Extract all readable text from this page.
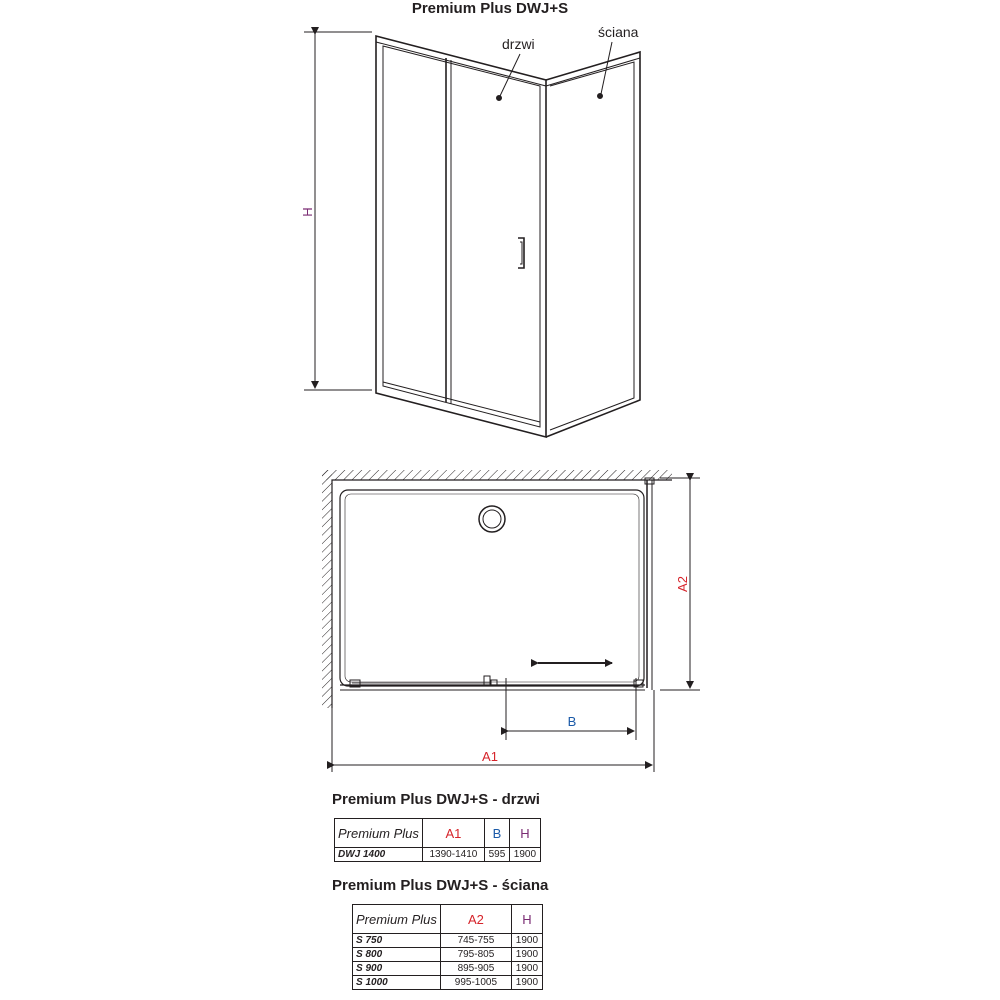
Premium Plus DWJ+S
drzwi
ściana
H
A2
B
A1
Premium Plus DWJ+S - drzwi
Premium Plus	A1	B	H
DWJ 1400	1390-1410	595	1900
Premium Plus DWJ+S - ściana
Premium Plus	A2	H
S 750	745-755	1900
S 800	795-805	1900
S 900	895-905	1900
S 1000	995-1005	1900
